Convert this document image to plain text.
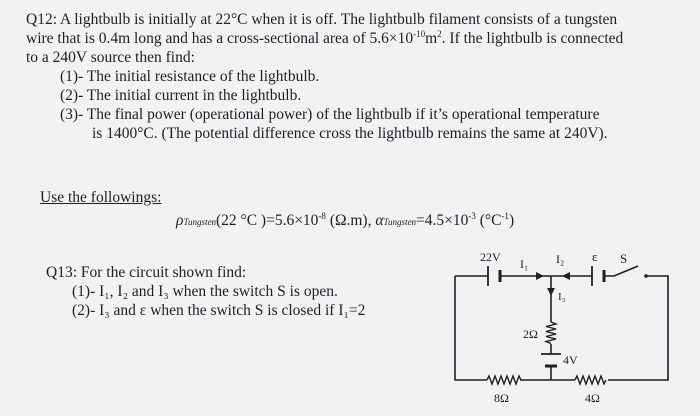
Q12: A lightbulb is initially at 22°C when it is off. The lightbulb filament consists of a tungsten
wire that is 0.4m long and has a cross-sectional area of $5.6\times 10^{-10}m^2$. If the lightbulb is connected
to a 240V source then find:
(1)- The initial resistance of the lightbulb.
(2)- The initial current in the lightbulb.
(3)- The final power (operational power) of the lightbulb if it’s operational temperature
is 1400°C. (The potential difference cross the lightbulb remains the same at 240V).
Use the followings:
ρTungsten(22 °C )$=5.6\times 10^{-8}$ (Ω.m), $\alpha Tungsten=4.5\times 10^{-3}$ $(^\circ C^{-1})$
Q13: For the circuit shown find:
(1)- I₁, I₂ and I₃ when the switch S is open.
(2)- I₃ and ε when the switch S is closed if I₁=2
22V I₁ I₂ ε S
I₃
2Ω
4V
8Ω	4Ω
